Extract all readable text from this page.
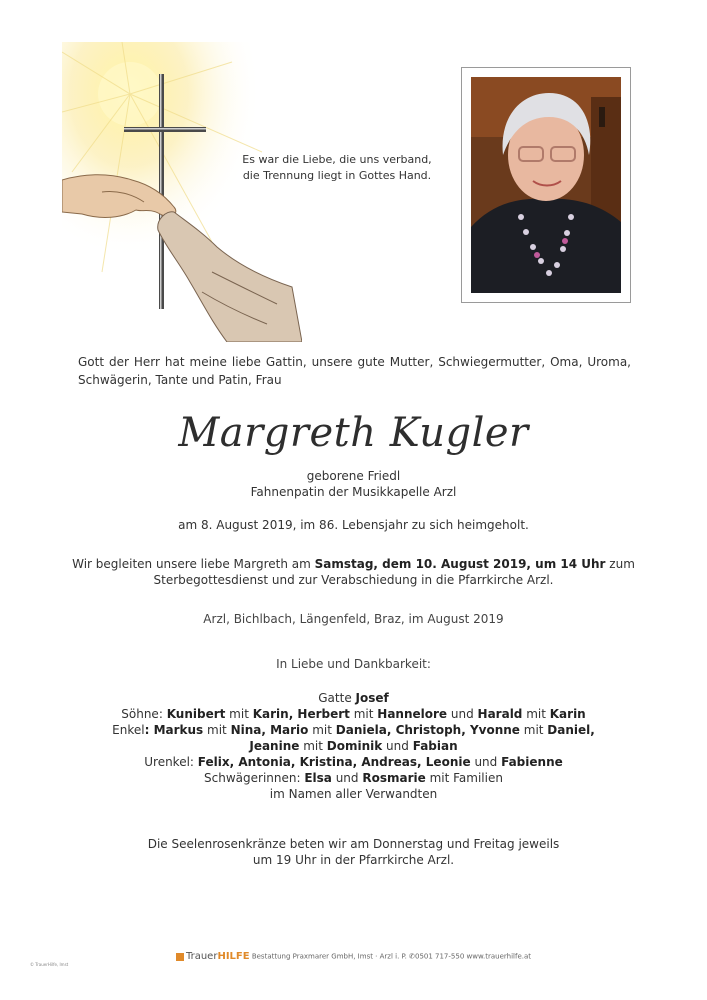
Es war die Liebe, die uns verband,
die Trennung liegt in Gottes Hand.
Gott der Herr hat meine liebe Gattin, unsere gute Mutter, Schwiegermutter, Oma, Uroma, Schwägerin, Tante und Patin, Frau
Margreth Kugler
geborene Friedl
Fahnenpatin der Musikkapelle Arzl
am 8. August 2019, im 86. Lebensjahr zu sich heimgeholt.
Wir begleiten unsere liebe Margreth am Samstag, dem 10. August 2019, um 14 Uhr zum
Sterbegottesdienst und zur Verabschiedung in die Pfarrkirche Arzl.
Arzl, Bichlbach, Längenfeld, Braz, im August 2019
In Liebe und Dankbarkeit:
Gatte Josef
Söhne: Kunibert mit Karin, Herbert mit Hannelore und Harald mit Karin
Enkel: Markus mit Nina, Mario mit Daniela, Christoph, Yvonne mit Daniel,
Jeanine mit Dominik und Fabian
Urenkel: Felix, Antonia, Kristina, Andreas, Leonie und Fabienne
Schwägerinnen: Elsa und Rosmarie mit Familien
im Namen aller Verwandten
Die Seelenrosenkränze beten wir am Donnerstag und Freitag jeweils
um 19 Uhr in der Pfarrkirche Arzl.
TrauerHILFE Bestattung Praxmarer GmbH, Imst · Arzl i. P. ✆0501 717-550 www.trauerhilfe.at
© TrauerHilfe, Imst
